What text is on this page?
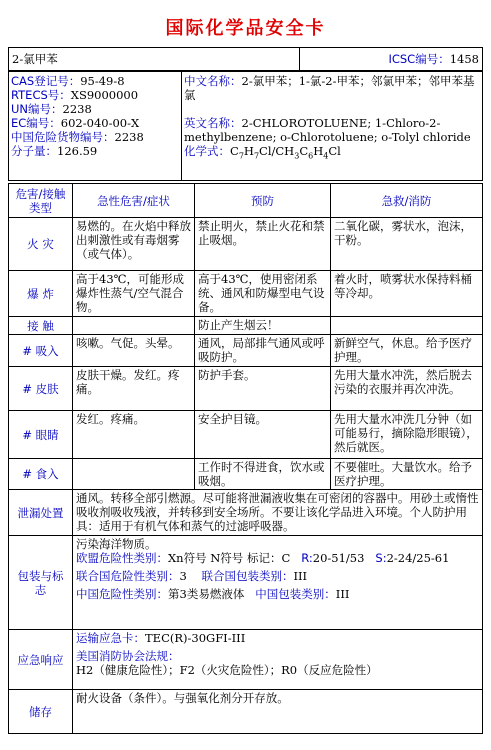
国际化学品安全卡
2-氯甲苯	ICSC编号：1458
CAS登记号：95-49-8
RTECS号：XS9000000
UN编号：2238
EC编号：602-040-00-X
中国危险货物编号：2238
分子量：126.59

中文名称：2-氯甲苯；1-氯-2-甲苯；邻氯甲苯；邻甲苯基氯
英文名称：2-CHLOROTOLUENE; 1-Chloro-2-methylbenzene; o-Chlorotoluene; o-Tolyl chloride
化学式：$C_7H_7Cl/CH_3C_6H_4Cl$
危害/接触类型	急性危害/症状	预防	急救/消防
火 灾	易燃的。在火焰中释放出刺激性或有毒烟雾（或气体）。	禁止明火，禁止火花和禁止吸烟。	二氧化碳，雾状水，泡沫，干粉。
爆 炸	高于43℃，可能形成爆炸性蒸气/空气混合物。	高于43℃，使用密闭系统、通风和防爆型电气设备。	着火时，喷雾状水保持料桶等冷却。
接 触		防止产生烟云！	
# 吸入	咳嗽。气促。头晕。	通风，局部排气通风或呼吸防护。	新鲜空气，休息。给予医疗护理。
# 皮肤	皮肤干燥。发红。疼痛。	防护手套。	先用大量水冲洗，然后脱去污染的衣服并再次冲洗。
# 眼睛	发红。疼痛。	安全护目镜。	先用大量水冲洗几分钟（如可能易行，摘除隐形眼镜），然后就医。
# 食入		工作时不得进食，饮水或吸烟。	不要催吐。大量饮水。给予医疗护理。
泄漏处置	通风。转移全部引燃源。尽可能将泄漏液收集在可密闭的容器中。用砂土或惰性吸收剂吸收残液，并转移到安全场所。不要让该化学品进入环境。个人防护用具：适用于有机气体和蒸气的过滤呼吸器。		
包装与标志	污染海洋物质。
欧盟危险性类别：Xn符号 N符号 标记：C R:20-51/53 S:2-24/25-61
联合国危险性类别：3 联合国包装类别：III
中国危险性类别：第3类易燃液体 中国包装类别：III		

应急响应	运输应急卡：TEC(R)-30GFI-III
美国消防协会法规：H2（健康危险性）；F2（火灾危险性）；R0（反应危险性）		

储存	耐火设备（条件）。与强氧化剂分开存放。		
